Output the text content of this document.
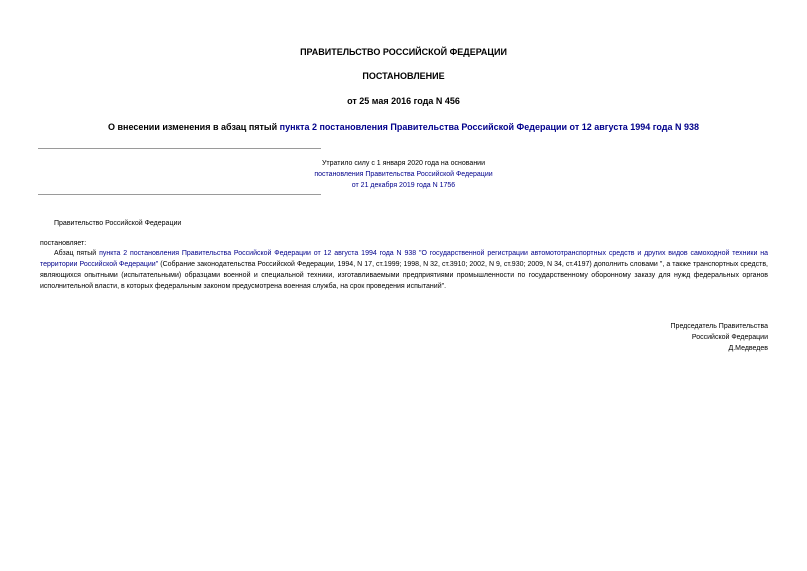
ПРАВИТЕЛЬСТВО РОССИЙСКОЙ ФЕДЕРАЦИИ
ПОСТАНОВЛЕНИЕ
от 25 мая 2016 года N 456
О внесении изменения в абзац пятый пункта 2 постановления Правительства Российской Федерации от 12 августа 1994 года N 938
Утратило силу с 1 января 2020 года на основании
постановления Правительства Российской Федерации
от 21 декабря 2019 года N 1756
Правительство Российской Федерации
постановляет:
Абзац пятый пункта 2 постановления Правительства Российской Федерации от 12 августа 1994 года N 938 "О государственной регистрации автомототранспортных средств и других видов самоходной техники на территории Российской Федерации" (Собрание законодательства Российской Федерации, 1994, N 17, ст.1999; 1998, N 32, ст.3910; 2002, N 9, ст.930; 2009, N 34, ст.4197) дополнить словами ", а также транспортных средств, являющихся опытными (испытательными) образцами военной и специальной техники, изготавливаемыми предприятиями промышленности по государственному оборонному заказу для нужд федеральных органов исполнительной власти, в которых федеральным законом предусмотрена военная служба, на срок проведения испытаний".
Председатель Правительства
Российской Федерации
Д.Медведев
